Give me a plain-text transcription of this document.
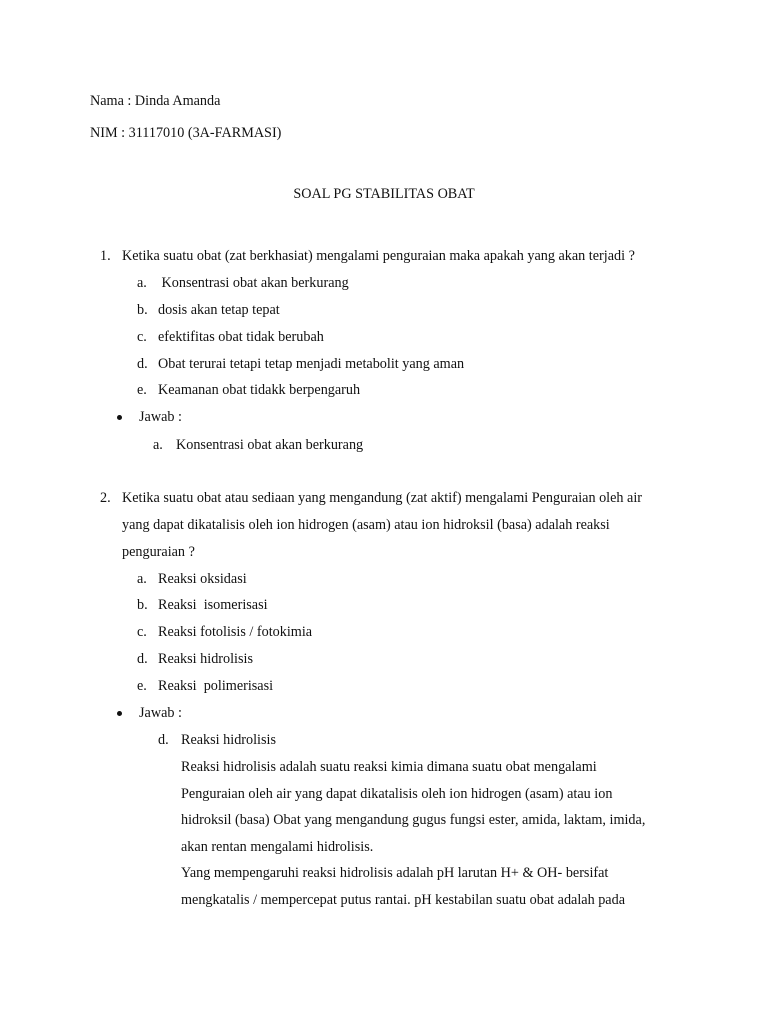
Nama : Dinda Amanda
NIM : 31117010 (3A-FARMASI)
SOAL PG STABILITAS OBAT
1. Ketika suatu obat (zat berkhasiat) mengalami penguraian maka apakah yang akan terjadi ?
a. Konsentrasi obat akan berkurang
b. dosis akan tetap tepat
c. efektifitas obat tidak berubah
d. Obat terurai tetapi tetap menjadi metabolit yang aman
e. Keamanan obat tidakk berpengaruh
Jawab :
a. Konsentrasi obat akan berkurang
2. Ketika suatu obat atau sediaan yang mengandung (zat aktif) mengalami Penguraian oleh air
yang dapat dikatalisis oleh ion hidrogen (asam) atau ion hidroksil (basa) adalah reaksi
penguraian ?
a. Reaksi oksidasi
b. Reaksi  isomerisasi
c. Reaksi fotolisis / fotokimia
d. Reaksi hidrolisis
e. Reaksi  polimerisasi
Jawab :
d. Reaksi hidrolisis
Reaksi hidrolisis adalah suatu reaksi kimia dimana suatu obat mengalami
Penguraian oleh air yang dapat dikatalisis oleh ion hidrogen (asam) atau ion
hidroksil (basa) Obat yang mengandung gugus fungsi ester, amida, laktam, imida,
akan rentan mengalami hidrolisis.
Yang mempengaruhi reaksi hidrolisis adalah pH larutan H+ & OH- bersifat
mengkatalis / mempercepat putus rantai. pH kestabilan suatu obat adalah pada
